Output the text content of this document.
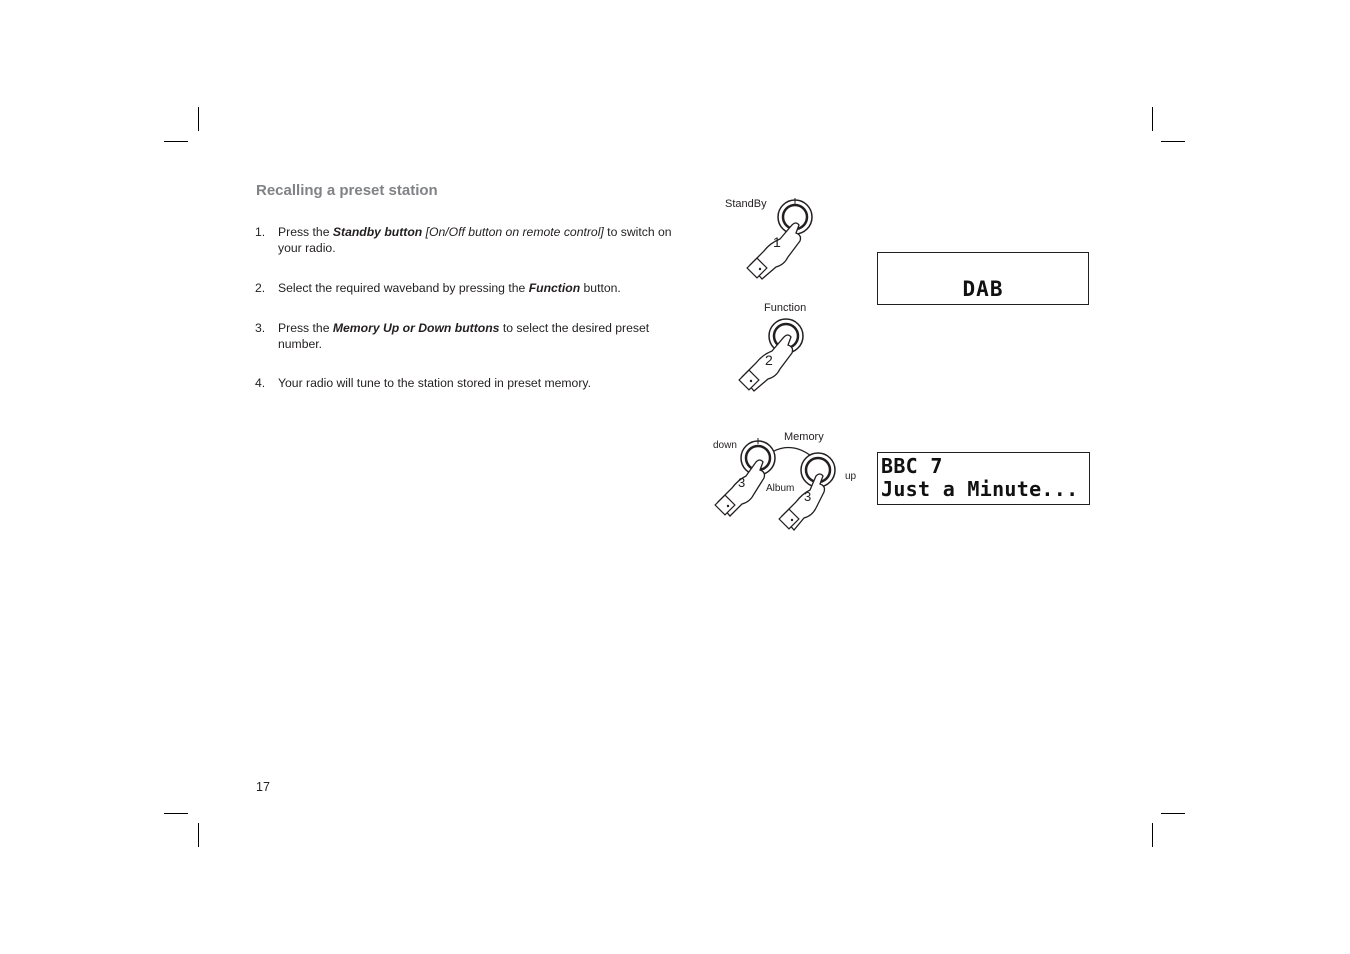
Recalling a preset station
1. Press the Standby button [On/Off button on remote control] to switch on your radio.
2. Select the required waveband by pressing the Function button.
3. Press the Memory Up or Down buttons to select the desired preset number.
4. Your radio will tune to the station stored in preset memory.
StandBy
1
Function
2
Memory
down
up
Album
3
3
DAB
BBC 7
Just a Minute...
17
